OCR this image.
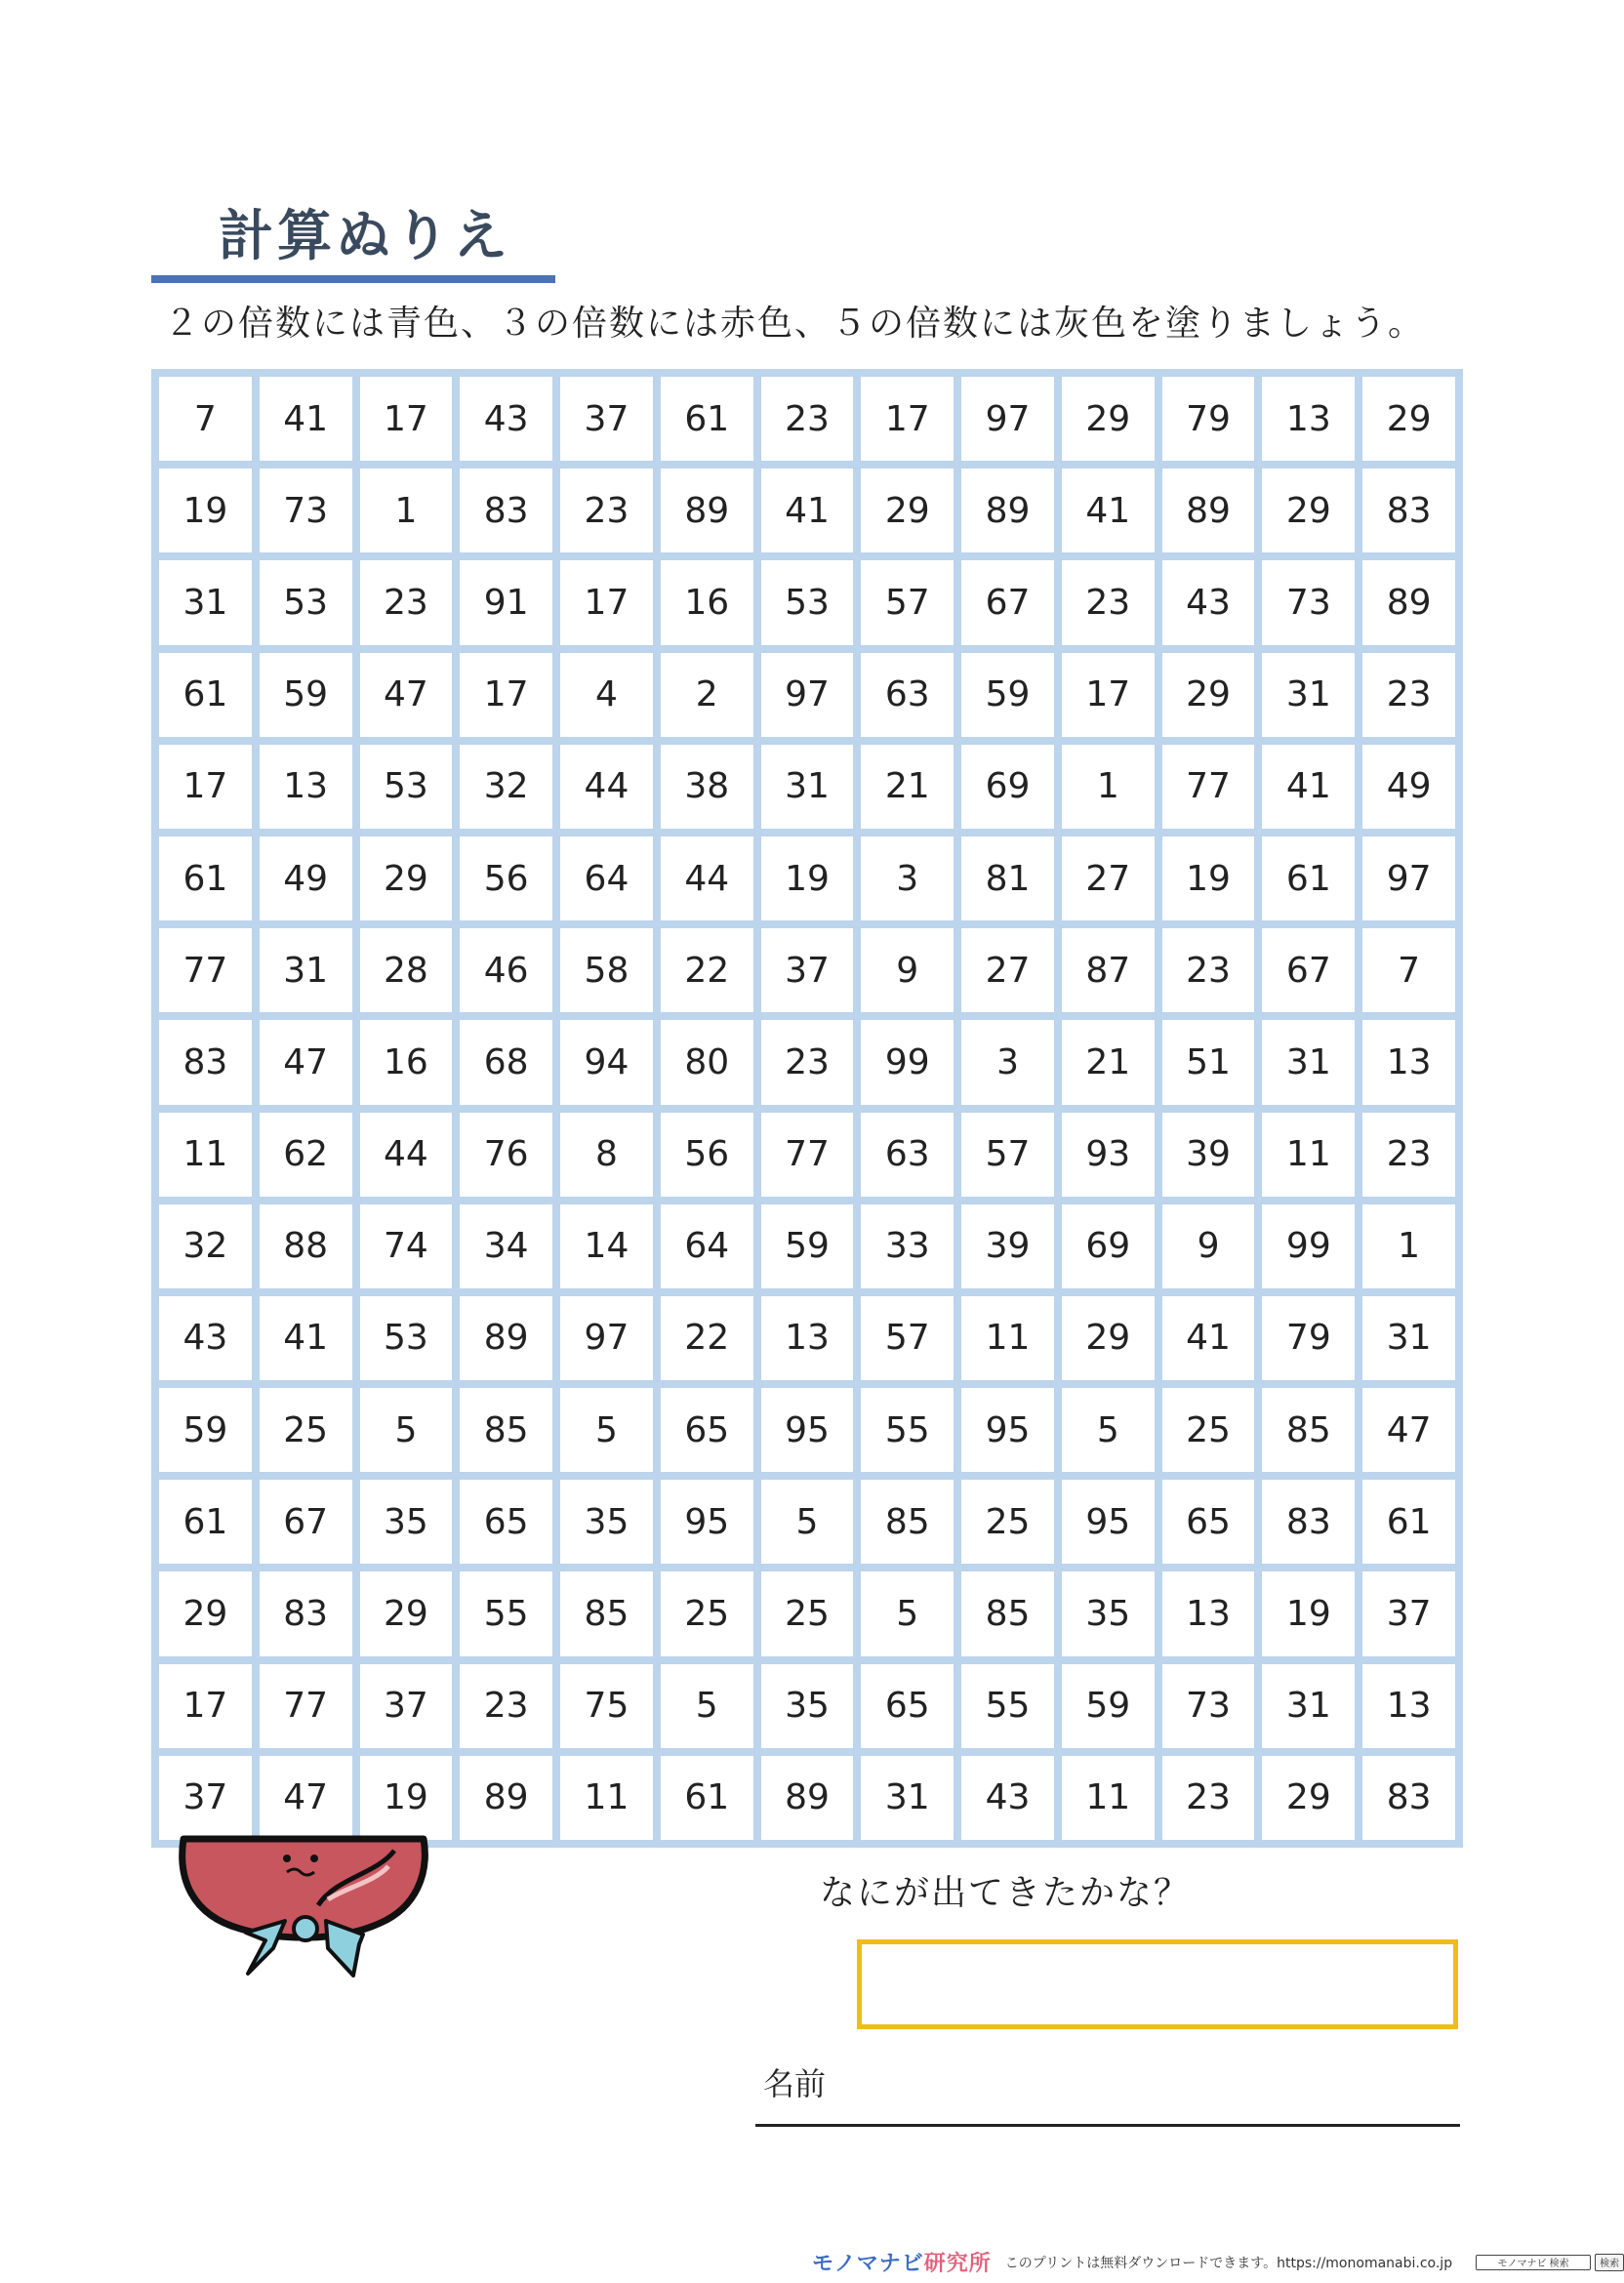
計算ぬりえ
２の倍数には青色、３の倍数には赤色、５の倍数には灰色を塗りましょう。
7	41	17	43	37	61	23	17	97	29	79	13	29
19	73	1	83	23	89	41	29	89	41	89	29	83
31	53	23	91	17	16	53	57	67	23	43	73	89
61	59	47	17	4	2	97	63	59	17	29	31	23
17	13	53	32	44	38	31	21	69	1	77	41	49
61	49	29	56	64	44	19	3	81	27	19	61	97
77	31	28	46	58	22	37	9	27	87	23	67	7
83	47	16	68	94	80	23	99	3	21	51	31	13
11	62	44	76	8	56	77	63	57	93	39	11	23
32	88	74	34	14	64	59	33	39	69	9	99	1
43	41	53	89	97	22	13	57	11	29	41	79	31
59	25	5	85	5	65	95	55	95	5	25	85	47
61	67	35	65	35	95	5	85	25	95	65	83	61
29	83	29	55	85	25	25	5	85	35	13	19	37
17	77	37	23	75	5	35	65	55	59	73	31	13
37	47	19	89	11	61	89	31	43	11	23	29	83
なにが出てきたかな？
名前
モノマナビ研究所 このプリントは無料ダウンロードできます。https://monomanabi.co.jp	モノマナビ 検索	検索
